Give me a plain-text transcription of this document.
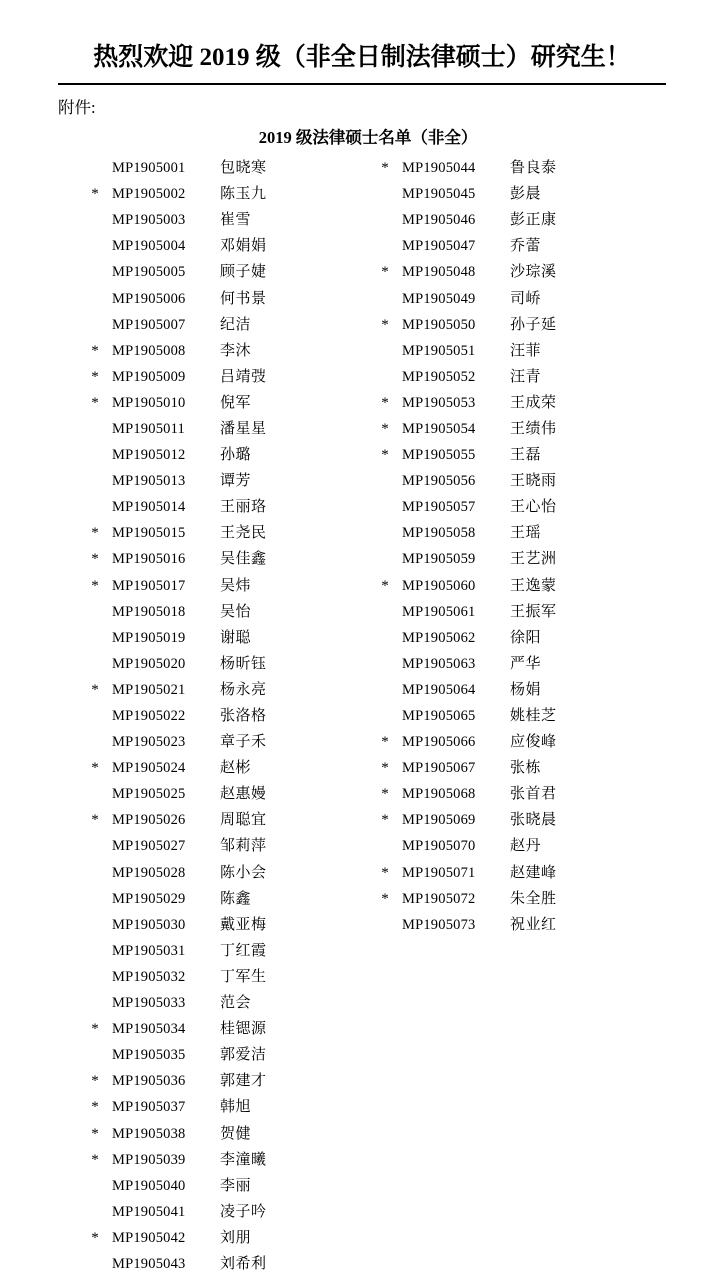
热烈欢迎 2019 级（非全日制法律硕士）研究生！
附件:
2019 级法律硕士名单（非全）
MP1905001	包晓寒
* MP1905002	陈玉九
MP1905003	崔雪
MP1905004	邓娟娟
MP1905005	顾子婕
MP1905006	何书景
MP1905007	纪洁
* MP1905008	李沐
* MP1905009	吕靖弢
* MP1905010	倪军
MP1905011	潘星星
MP1905012	孙璐
MP1905013	谭芳
MP1905014	王丽珞
* MP1905015	王尧民
* MP1905016	吴佳鑫
* MP1905017	吴炜
MP1905018	吴怡
MP1905019	谢聪
MP1905020	杨昕钰
* MP1905021	杨永亮
MP1905022	张洛格
MP1905023	章子禾
* MP1905024	赵彬
MP1905025	赵惠嫚
* MP1905026	周聪宜
MP1905027	邹莉萍
MP1905028	陈小会
MP1905029	陈鑫
MP1905030	戴亚梅
MP1905031	丁红霞
MP1905032	丁军生
MP1905033	范会
* MP1905034	桂锶源
MP1905035	郭爱洁
* MP1905036	郭建才
* MP1905037	韩旭
* MP1905038	贺健
* MP1905039	李潼曦
MP1905040	李丽
MP1905041	凌子吟
* MP1905042	刘朋
MP1905043	刘希利
* MP1905044	鲁良泰
MP1905045	彭晨
MP1905046	彭正康
MP1905047	乔蕾
* MP1905048	沙琮溪
MP1905049	司峤
* MP1905050	孙子延
MP1905051	汪菲
MP1905052	汪青
* MP1905053	王成荣
* MP1905054	王绩伟
* MP1905055	王磊
MP1905056	王晓雨
MP1905057	王心怡
MP1905058	王瑶
MP1905059	王艺洲
* MP1905060	王逸蒙
MP1905061	王振军
MP1905062	徐阳
MP1905063	严华
MP1905064	杨娟
MP1905065	姚桂芝
* MP1905066	应俊峰
* MP1905067	张栋
* MP1905068	张首君
* MP1905069	张晓晨
MP1905070	赵丹
* MP1905071	赵建峰
* MP1905072	朱全胜
MP1905073	祝业红
